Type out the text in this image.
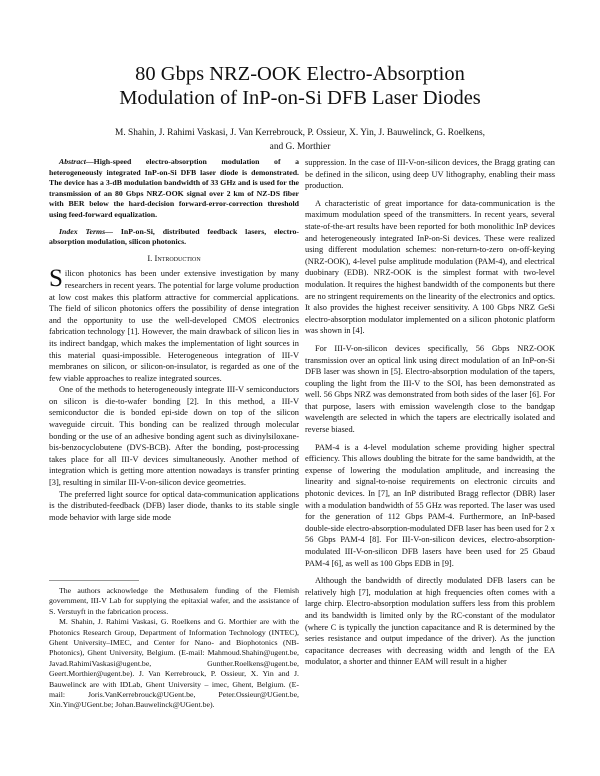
80 Gbps NRZ-OOK Electro-Absorption
Modulation of InP-on-Si DFB Laser Diodes
M. Shahin, J. Rahimi Vaskasi, J. Van Kerrebrouck, P. Ossieur, X. Yin, J. Bauwelinck, G. Roelkens,
and G. Morthier

Abstract—High-speed electro-absorption modulation of a heterogeneously integrated InP-on-Si DFB laser diode is demonstrated. The device has a 3-dB modulation bandwidth of 33 GHz and is used for the transmission of an 80 Gbps NRZ-OOK signal over 2 km of NZ-DS fiber with BER below the hard-decision forward-error-correction threshold using feed-forward equalization.

Index Terms— InP-on-Si, distributed feedback lasers, electro-absorption modulation, silicon photonics.

I. Introduction

Silicon photonics has been under extensive investigation by many researchers in recent years. The potential for large volume production at low cost makes this platform attractive for commercial applications. The field of silicon photonics offers the possibility of dense integration and the opportunity to use the well-developed CMOS electronics fabrication technology [1]. However, the main drawback of silicon lies in its indirect bandgap, which makes the implementation of light sources in this material quasi-impossible. Heterogeneous integration of III-V membranes on silicon, or silicon-on-insulator, is regarded as one of the few viable approaches to realize integrated sources.

One of the methods to heterogeneously integrate III-V semiconductors on silicon is die-to-wafer bonding [2]. In this method, a III-V semiconductor die is bonded epi-side down on top of the silicon waveguide circuit. This bonding can be realized through molecular bonding or the use of an adhesive bonding agent such as divinylsiloxane-bis-benzocyclobutene (DVS-BCB). After the bonding, post-processing takes place for all III-V devices simultaneously. Another method of integration which is getting more attention nowadays is transfer printing [3], resulting in similar III-V-on-silicon device geometries.

The preferred light source for optical data-communication applications is the distributed-feedback (DFB) laser diode, thanks to its stable single mode behavior with large side mode

The authors acknowledge the Methusalem funding of the Flemish government, III-V Lab for supplying the epitaxial wafer, and the assistance of S. Verstuyft in the fabrication process.

M. Shahin, J. Rahimi Vaskasi, G. Roelkens and G. Morthier are with the Photonics Research Group, Department of Information Technology (INTEC), Ghent University–IMEC, and Center for Nano- and Biophotonics (NB-Photonics), Ghent University, Belgium. (E-mail: Mahmoud.Shahin@ugent.be, Javad.RahimiVaskasi@ugent.be, Gunther.Roelkens@ugent.be, Geert.Morthier@ugent.be). J. Van Kerrebrouck, P. Ossieur, X. Yin and J. Bauwelinck are with IDLab, Ghent University – imec, Ghent, Belgium. (E-mail: Joris.VanKerrebrouck@UGent.be, Peter.Ossieur@UGent.be, Xin.Yin@UGent.be; Johan.Bauwelinck@UGent.be).

suppression. In the case of III-V-on-silicon devices, the Bragg grating can be defined in the silicon, using deep UV lithography, enabling their mass production.

A characteristic of great importance for data-communication is the maximum modulation speed of the transmitters. In recent years, several state-of-the-art results have been reported for both monolithic InP devices and heterogeneously integrated InP-on-Si devices. These were realized using different modulation schemes: non-return-to-zero on-off-keying (NRZ-OOK), 4-level pulse amplitude modulation (PAM-4), and electrical duobinary (EDB). NRZ-OOK is the simplest format with two-level modulation. It requires the highest bandwidth of the components but there are no stringent requirements on the linearity of the electronics and optics. It also provides the highest receiver sensitivity. A 100 Gbps NRZ GeSi electro-absorption modulator implemented on a silicon photonic platform was shown in [4].

For III-V-on-silicon devices specifically, 56 Gbps NRZ-OOK transmission over an optical link using direct modulation of an InP-on-Si DFB laser was shown in [5]. Electro-absorption modulation of the tapers, coupling the light from the III-V to the SOI, has been demonstrated as well. 56 Gbps NRZ was demonstrated from both sides of the laser [6]. For that purpose, lasers with emission wavelength close to the bandgap wavelength are selected in which the tapers are electrically isolated and reverse biased.

PAM-4 is a 4-level modulation scheme providing higher spectral efficiency. This allows doubling the bitrate for the same bandwidth, at the expense of lowering the modulation amplitude, and increasing the linearity and signal-to-noise requirements on electronic circuits and photonic devices. In [7], an InP distributed Bragg reflector (DBR) laser with a modulation bandwidth of 55 GHz was reported. The laser was used for the generation of 112 Gbps PAM-4. Furthermore, an InP-based double-side electro-absorption-modulated DFB laser has been used for 2 x 56 Gbps PAM-4 [8]. For III-V-on-silicon devices, electro-absorption-modulated III-V-on-silicon DFB lasers have been used for 25 Gbaud PAM-4 [6], as well as 100 Gbps EDB in [9].

Although the bandwidth of directly modulated DFB lasers can be relatively high [7], modulation at high frequencies often comes with a large chirp. Electro-absorption modulation suffers less from this problem and its bandwidth is limited only by the RC-constant of the modulator (where C is typically the junction capacitance and R is determined by the series resistance and output impedance of the driver). As the junction capacitance decreases with decreasing width and length of the EA modulator, a shorter and thinner EAM will result in a higher
